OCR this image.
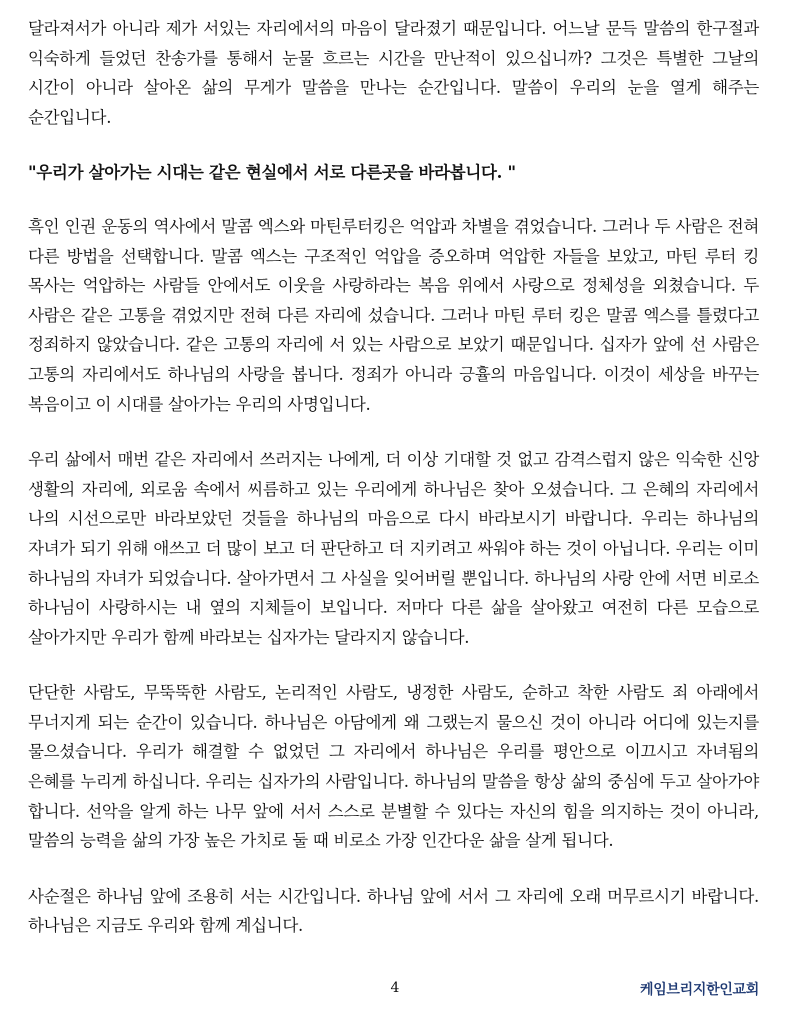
달라져서가 아니라 제가 서있는 자리에서의 마음이 달라졌기 때문입니다. 어느날 문득 말씀의 한구절과 익숙하게 들었던 찬송가를 통해서 눈물 흐르는 시간을 만난적이 있으십니까? 그것은 특별한 그날의 시간이 아니라 살아온 삶의 무게가 말씀을 만나는 순간입니다. 말씀이 우리의 눈을 열게 해주는 순간입니다.

"우리가 살아가는 시대는 같은 현실에서 서로 다른곳을 바라봅니다. "

흑인 인권 운동의 역사에서 말콤 엑스와 마틴루터킹은 억압과 차별을 겪었습니다. 그러나 두 사람은 전혀 다른 방법을 선택합니다. 말콤 엑스는 구조적인 억압을 증오하며 억압한 자들을 보았고, 마틴 루터 킹 목사는 억압하는 사람들 안에서도 이웃을 사랑하라는 복음 위에서 사랑으로 정체성을 외쳤습니다. 두 사람은 같은 고통을 겪었지만 전혀 다른 자리에 섰습니다. 그러나 마틴 루터 킹은 말콤 엑스를 틀렸다고 정죄하지 않았습니다. 같은 고통의 자리에 서 있는 사람으로 보았기 때문입니다. 십자가 앞에 선 사람은 고통의 자리에서도 하나님의 사랑을 봅니다. 정죄가 아니라 긍휼의 마음입니다. 이것이 세상을 바꾸는 복음이고 이 시대를 살아가는 우리의 사명입니다.

우리 삶에서 매번 같은 자리에서 쓰러지는 나에게, 더 이상 기대할 것 없고 감격스럽지 않은 익숙한 신앙 생활의 자리에, 외로움 속에서 씨름하고 있는 우리에게 하나님은 찾아 오셨습니다. 그 은혜의 자리에서 나의 시선으로만 바라보았던 것들을 하나님의 마음으로 다시 바라보시기 바랍니다. 우리는 하나님의 자녀가 되기 위해 애쓰고 더 많이 보고 더 판단하고 더 지키려고 싸워야 하는 것이 아닙니다. 우리는 이미 하나님의 자녀가 되었습니다. 살아가면서 그 사실을 잊어버릴 뿐입니다. 하나님의 사랑 안에 서면 비로소 하나님이 사랑하시는 내 옆의 지체들이 보입니다. 저마다 다른 삶을 살아왔고 여전히 다른 모습으로 살아가지만 우리가 함께 바라보는 십자가는 달라지지 않습니다.

단단한 사람도, 무뚝뚝한 사람도, 논리적인 사람도, 냉정한 사람도, 순하고 착한 사람도 죄 아래에서 무너지게 되는 순간이 있습니다. 하나님은 아담에게 왜 그랬는지 물으신 것이 아니라 어디에 있는지를 물으셨습니다. 우리가 해결할 수 없었던 그 자리에서 하나님은 우리를 평안으로 이끄시고 자녀됨의 은혜를 누리게 하십니다. 우리는 십자가의 사람입니다. 하나님의 말씀을 항상 삶의 중심에 두고 살아가야 합니다. 선악을 알게 하는 나무 앞에 서서 스스로 분별할 수 있다는 자신의 힘을 의지하는 것이 아니라, 말씀의 능력을 삶의 가장 높은 가치로 둘 때 비로소 가장 인간다운 삶을 살게 됩니다.

사순절은 하나님 앞에 조용히 서는 시간입니다. 하나님 앞에 서서 그 자리에 오래 머무르시기 바랍니다. 하나님은 지금도 우리와 함께 계십니다.

4	케임브리지한인교회
